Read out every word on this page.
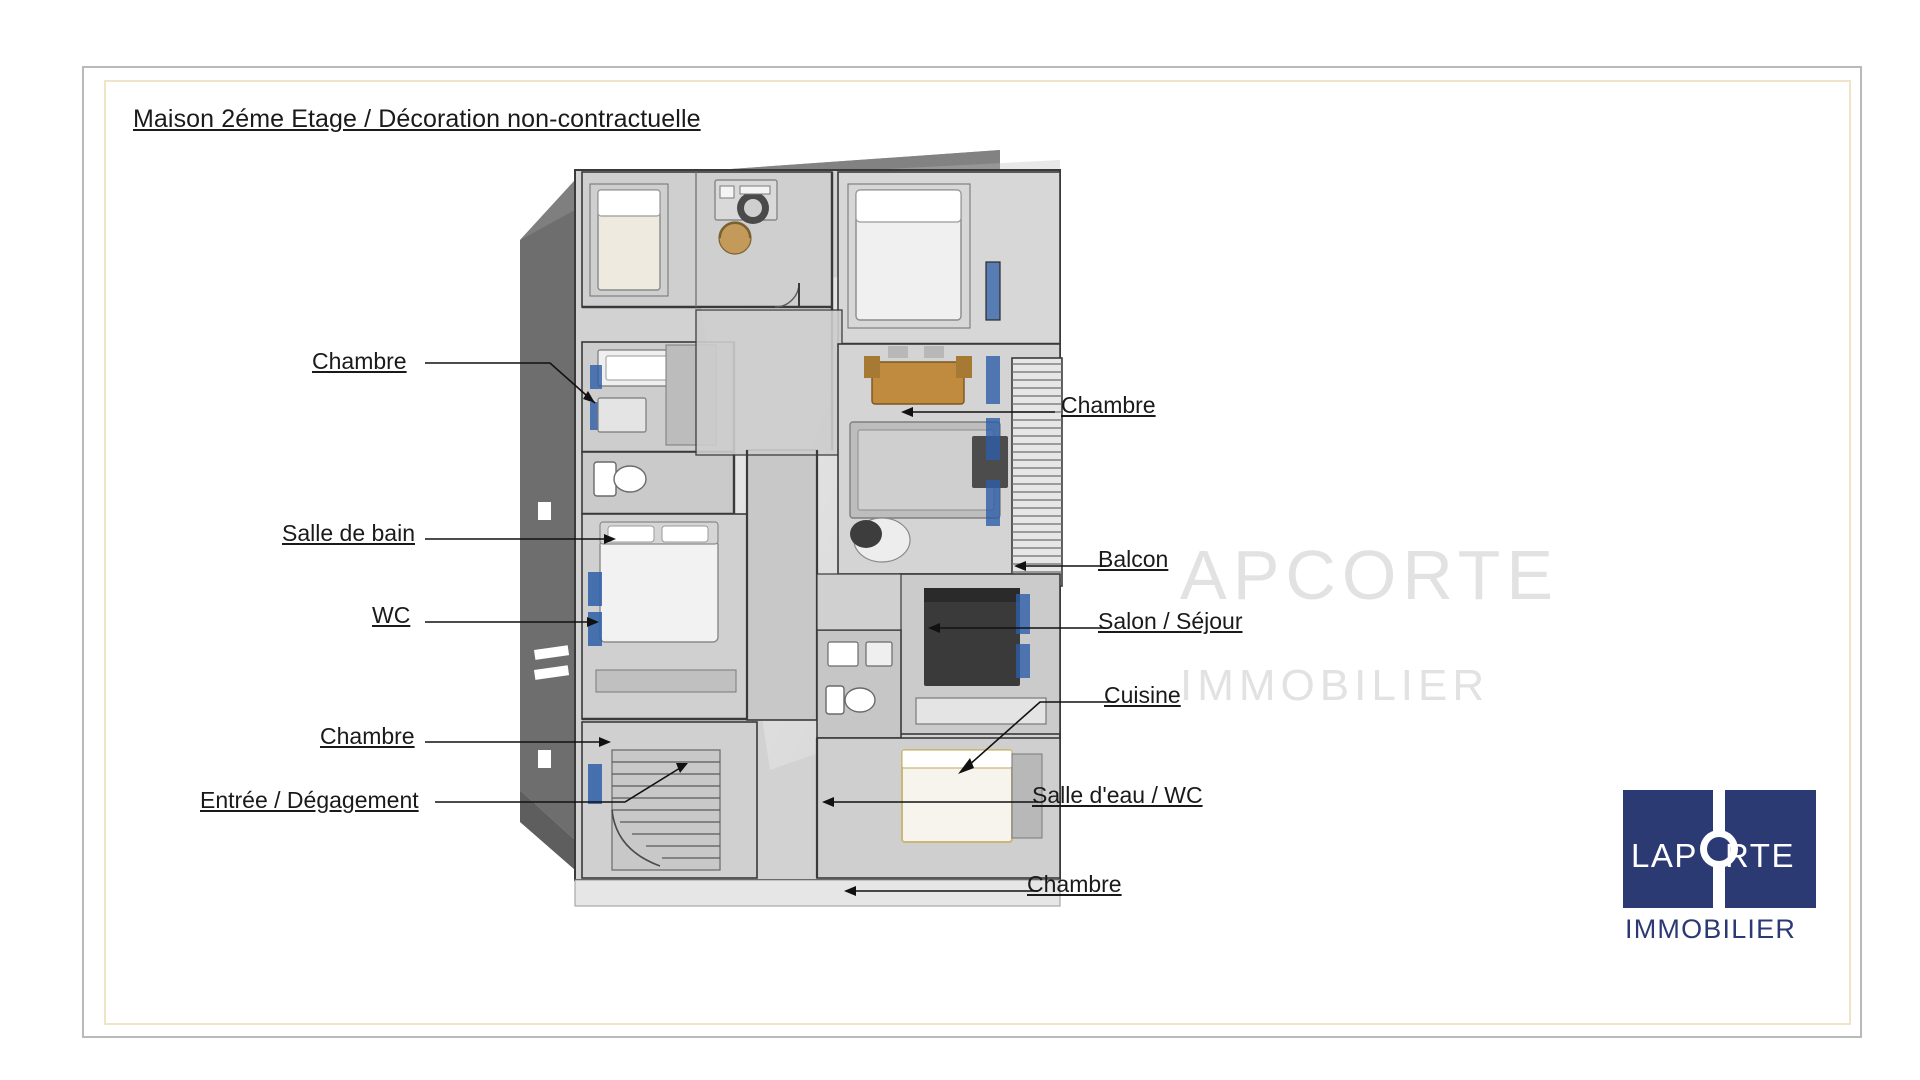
Maison 2éme Etage / Décoration non-contractuelle
APCORTE
IMMOBILIER
Chambre
Salle de bain
WC
Chambre
Entrée / Dégagement
Chambre
Balcon
Salon / Séjour
Cuisine
Salle d'eau / WC
Chambre
LAP RTE
IMMOBILIER
